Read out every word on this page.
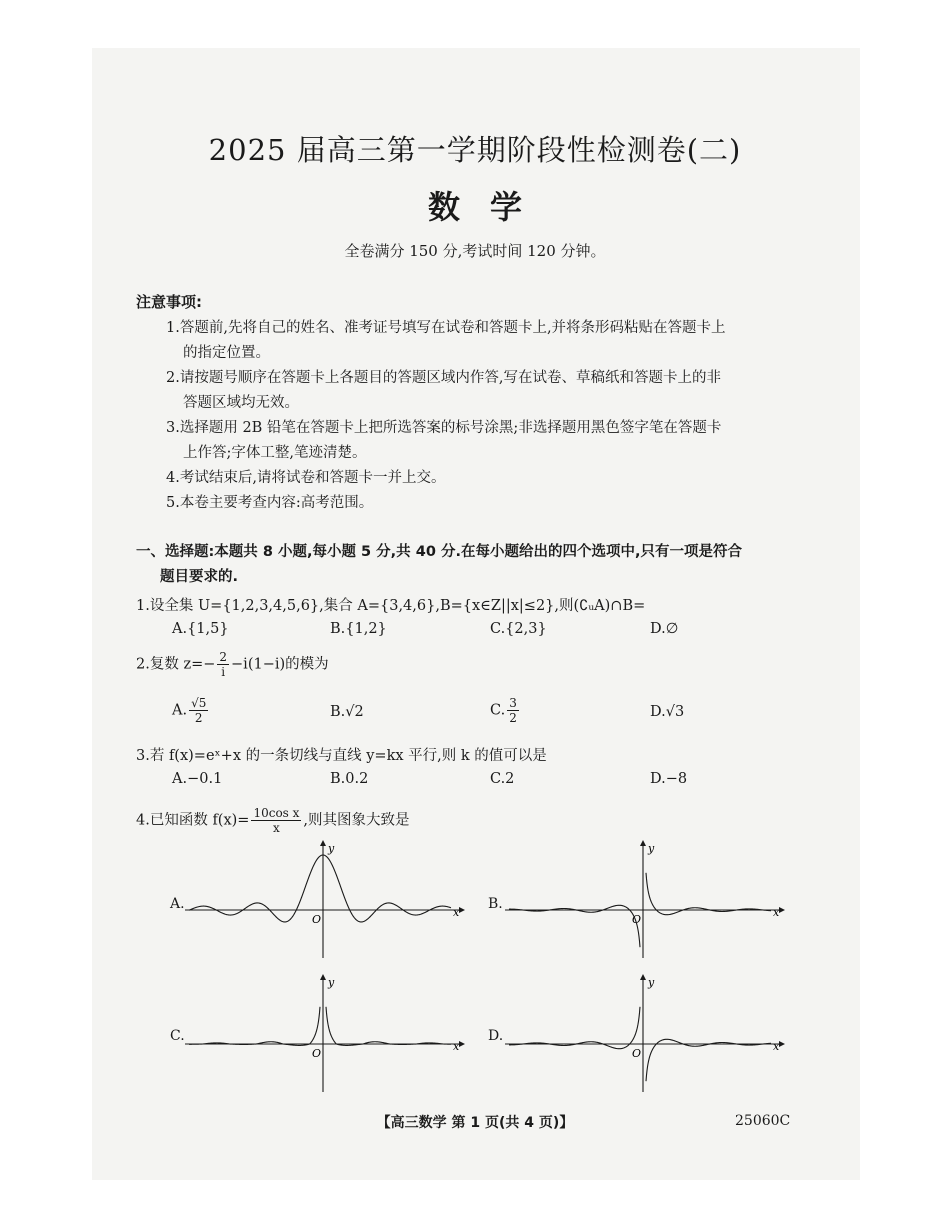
2025 届高三第一学期阶段性检测卷(二)
数学
全卷满分 150 分,考试时间 120 分钟。
注意事项:
1.答题前,先将自己的姓名、准考证号填写在试卷和答题卡上,并将条形码粘贴在答题卡上
的指定位置。
2.请按题号顺序在答题卡上各题目的答题区域内作答,写在试卷、草稿纸和答题卡上的非
答题区域均无效。
3.选择题用 2B 铅笔在答题卡上把所选答案的标号涂黑;非选择题用黑色签字笔在答题卡
上作答;字体工整,笔迹清楚。
4.考试结束后,请将试卷和答题卡一并上交。
5.本卷主要考查内容:高考范围。
一、选择题:本题共 8 小题,每小题 5 分,共 40 分.在每小题给出的四个选项中,只有一项是符合
题目要求的.
1.设全集 U={1,2,3,4,5,6},集合 A={3,4,6},B={x∈Z||x|≤2},则(∁ᵤA)∩B=
A.{1,5}	B.{1,2}	C.{2,3}	D.∅
2.复数 $z=- \frac{2}{i} -i(1-i)$的模为
A. $\frac{√5}{2}$	B.√2	C. $\frac{3}{2}$	D.√3
3.若 f(x)=eˣ+x 的一条切线与直线 y=kx 平行,则 k 的值可以是
A.−0.1	B.0.2	C.2	D.−8
4.已知函数 $f(x)= \frac{\text{10cos x}}{x}$ ,则其图象大致是
A.	B.
C.	D.
x
y
O
x
y
O
x
y
O
x
y
O
【高三数学 第 1 页(共 4 页)】	25060C
